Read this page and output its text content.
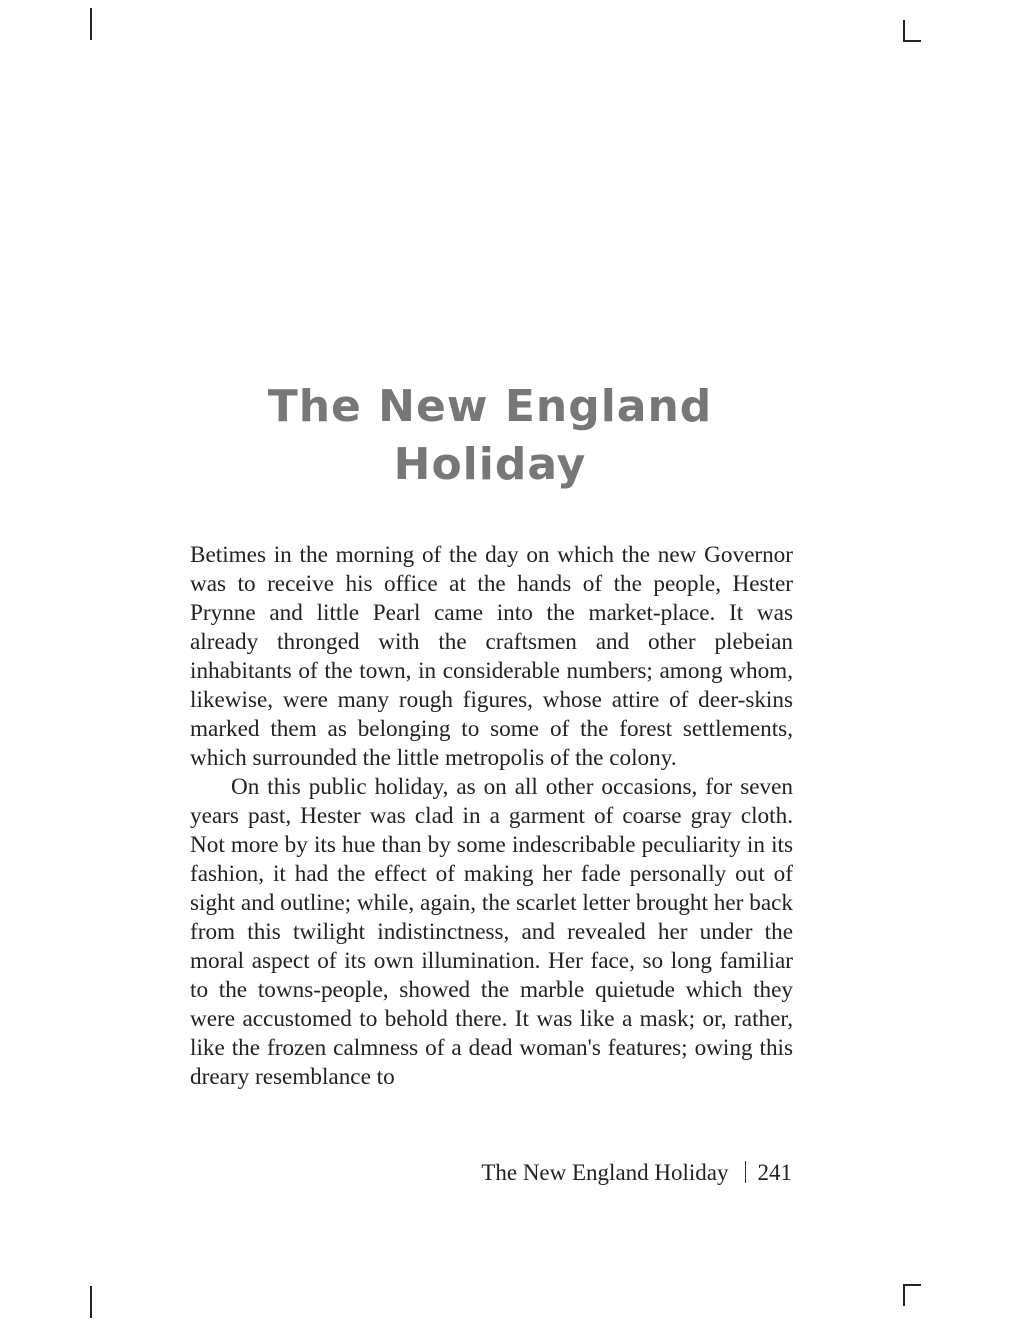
The New England
Holiday

Betimes in the morning of the day on which the new Governor was to receive his office at the hands of the people, Hester Prynne and little Pearl came into the market-place. It was already thronged with the craftsmen and other plebeian inhabitants of the town, in considerable numbers; among whom, likewise, were many rough figures, whose attire of deer-skins marked them as belonging to some of the forest settlements, which surrounded the little metropolis of the colony.

On this public holiday, as on all other occasions, for seven years past, Hester was clad in a garment of coarse gray cloth. Not more by its hue than by some indescribable peculiarity in its fashion, it had the effect of making her fade personally out of sight and outline; while, again, the scarlet letter brought her back from this twilight indistinctness, and revealed her under the moral aspect of its own illumination. Her face, so long familiar to the towns-people, showed the marble quietude which they were accustomed to behold there. It was like a mask; or, rather, like the frozen calmness of a dead woman's features; owing this dreary resemblance to

The New England Holiday 241
